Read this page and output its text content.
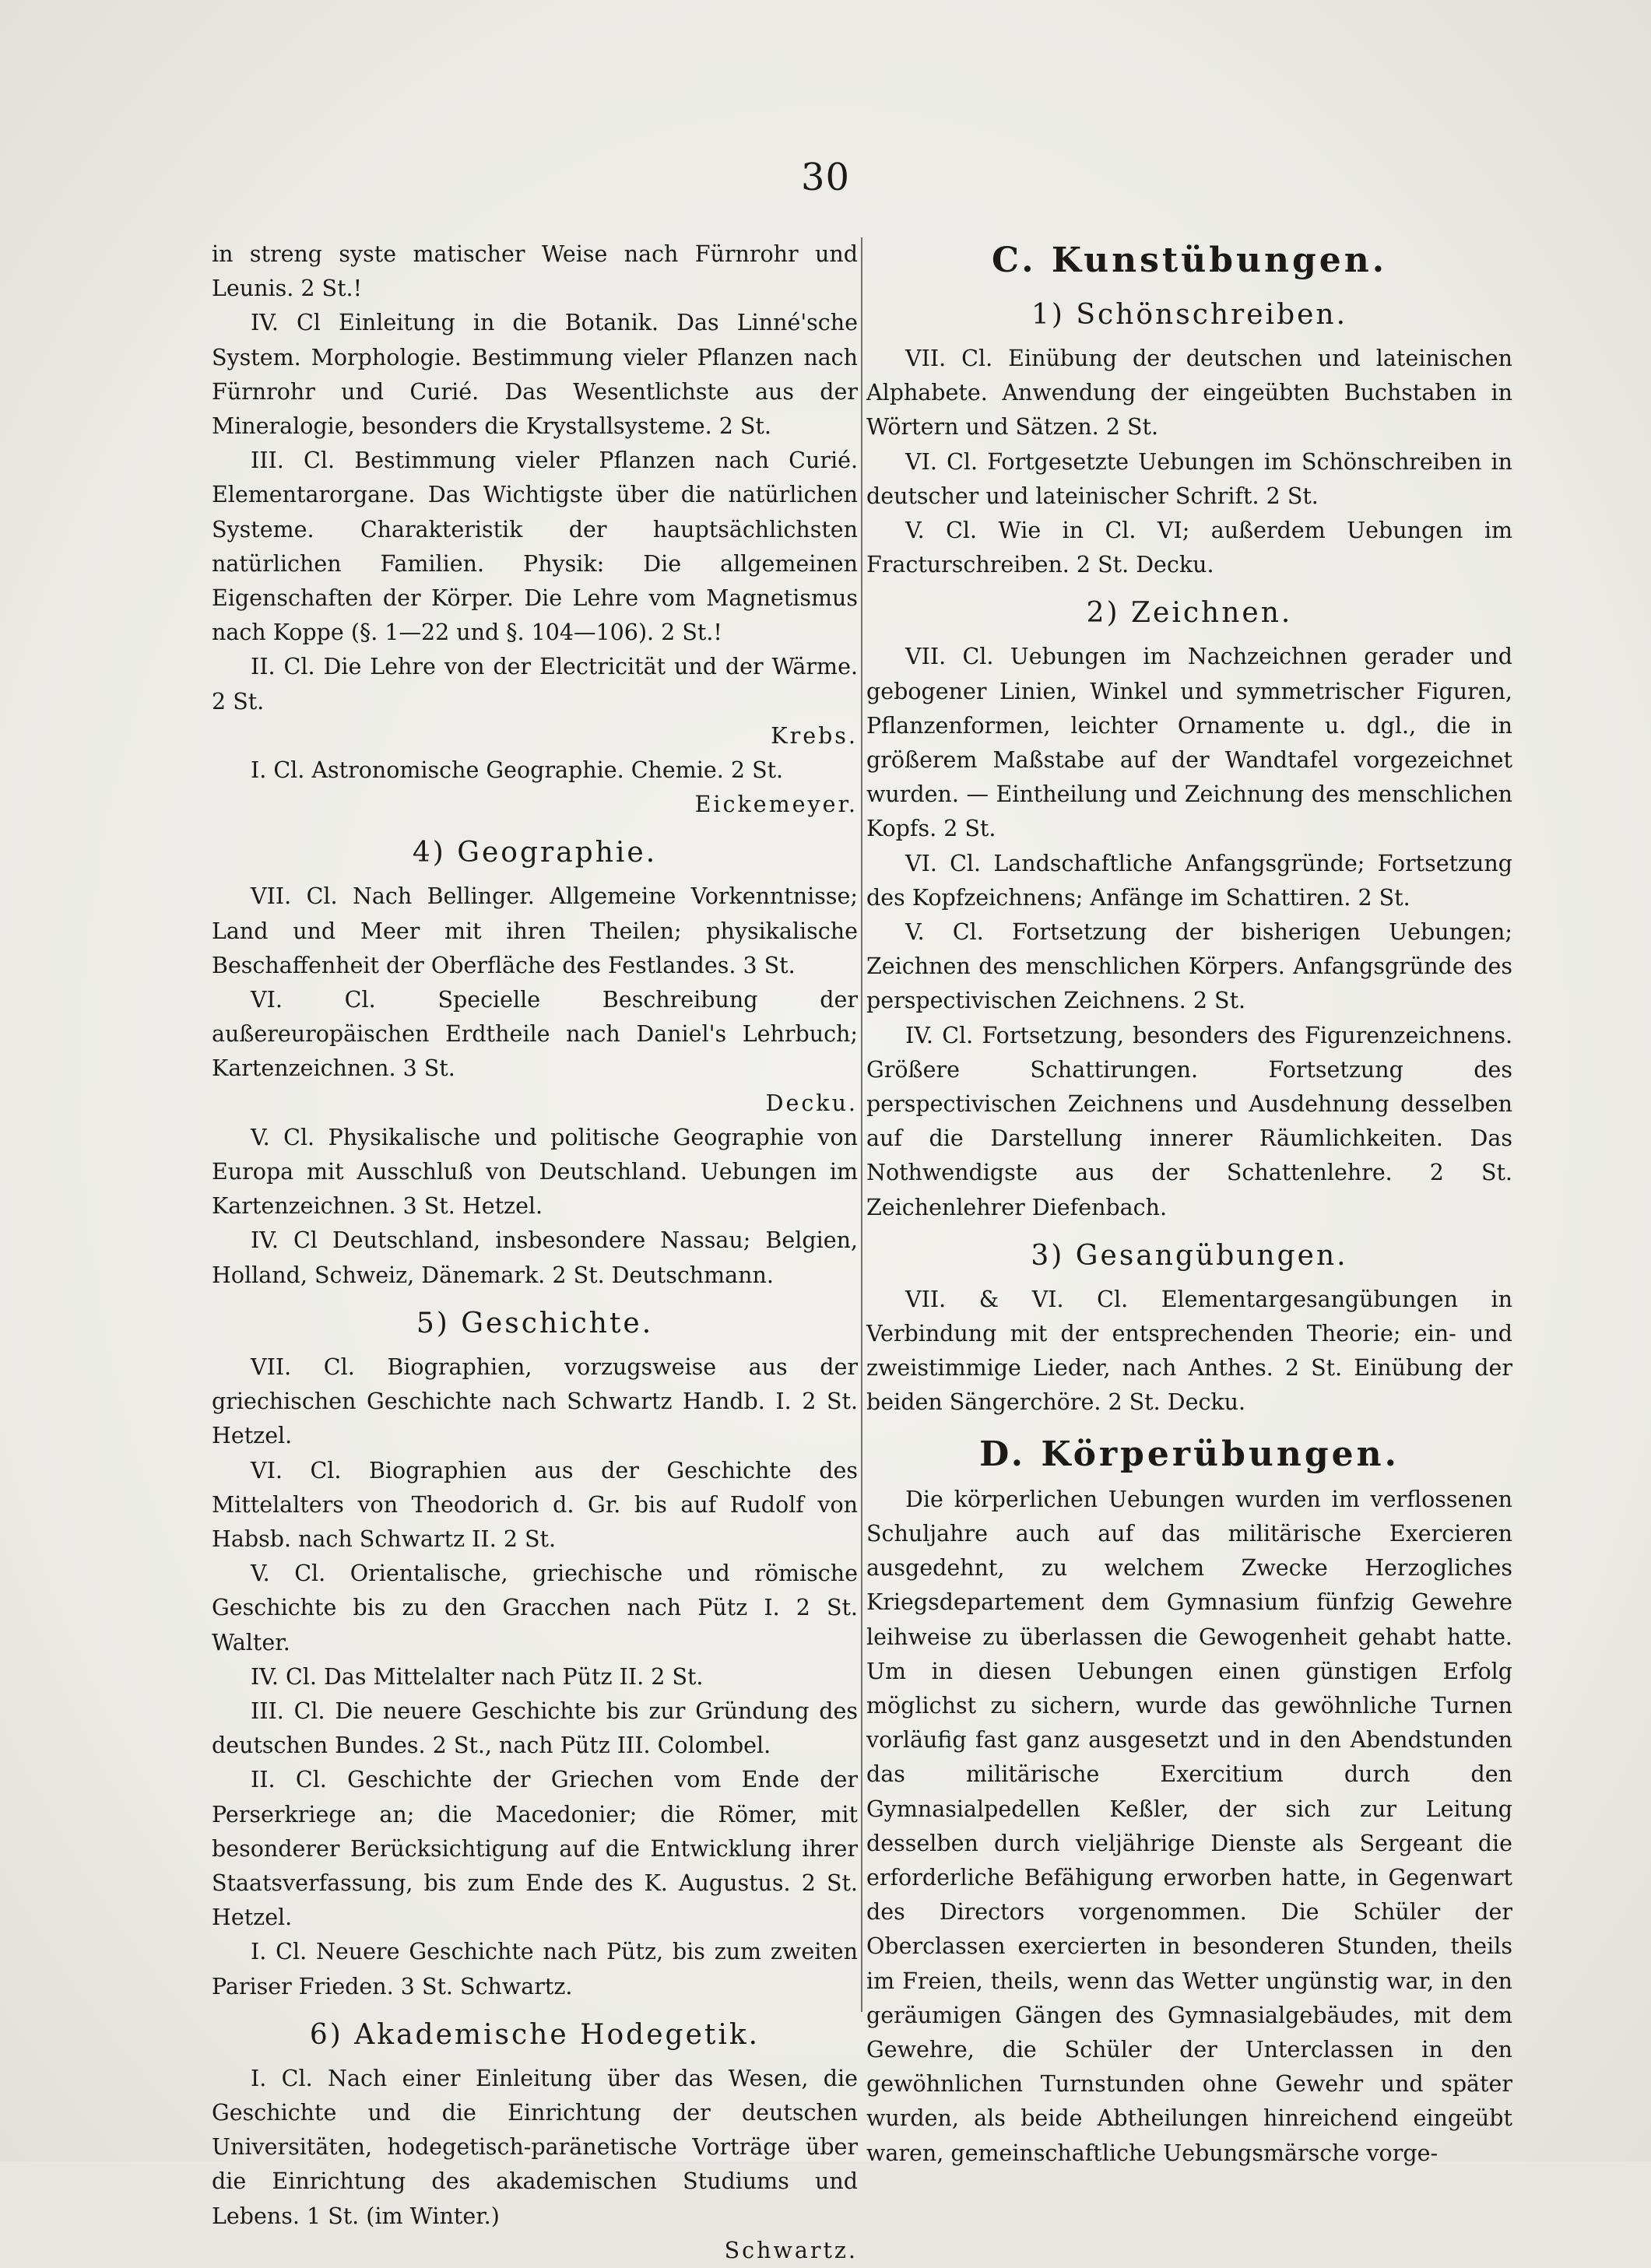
30

in streng syste matischer Weise nach Fürnrohr und Leunis. 2 St.!

IV. Cl Einleitung in die Botanik. Das Linné'sche System. Morphologie. Bestimmung vieler Pflanzen nach Fürnrohr und Curié. Das Wesentlichste aus der Mineralogie, besonders die Krystallsysteme. 2 St.

III. Cl. Bestimmung vieler Pflanzen nach Curié. Elementarorgane. Das Wichtigste über die natürlichen Systeme. Charakteristik der hauptsächlichsten natürlichen Familien. Physik: Die allgemeinen Eigenschaften der Körper. Die Lehre vom Magnetismus nach Koppe (§. 1—22 und §. 104—106). 2 St.!

II. Cl. Die Lehre von der Electricität und der Wärme. 2 St.

Krebs.

I. Cl. Astronomische Geographie. Chemie. 2 St.

Eickemeyer.

4) Geographie.

VII. Cl. Nach Bellinger. Allgemeine Vorkenntnisse; Land und Meer mit ihren Theilen; physikalische Beschaffenheit der Oberfläche des Festlandes. 3 St.

VI. Cl. Specielle Beschreibung der außereuropäischen Erdtheile nach Daniel's Lehrbuch; Kartenzeichnen. 3 St.

Decku.

V. Cl. Physikalische und politische Geographie von Europa mit Ausschluß von Deutschland. Uebungen im Kartenzeichnen. 3 St. Hetzel.

IV. Cl Deutschland, insbesondere Nassau; Belgien, Holland, Schweiz, Dänemark. 2 St. Deutschmann.

5) Geschichte.

VII. Cl. Biographien, vorzugsweise aus der griechischen Geschichte nach Schwartz Handb. I. 2 St. Hetzel.

VI. Cl. Biographien aus der Geschichte des Mittelalters von Theodorich d. Gr. bis auf Rudolf von Habsb. nach Schwartz II. 2 St.

V. Cl. Orientalische, griechische und römische Geschichte bis zu den Gracchen nach Pütz I. 2 St. Walter.

IV. Cl. Das Mittelalter nach Pütz II. 2 St.

III. Cl. Die neuere Geschichte bis zur Gründung des deutschen Bundes. 2 St., nach Pütz III. Colombel.

II. Cl. Geschichte der Griechen vom Ende der Perserkriege an; die Macedonier; die Römer, mit besonderer Berücksichtigung auf die Entwicklung ihrer Staatsverfassung, bis zum Ende des K. Augustus. 2 St. Hetzel.

I. Cl. Neuere Geschichte nach Pütz, bis zum zweiten Pariser Frieden. 3 St. Schwartz.

6) Akademische Hodegetik.

I. Cl. Nach einer Einleitung über das Wesen, die Geschichte und die Einrichtung der deutschen Universitäten, hodegetisch-paränetische Vorträge über die Einrichtung des akademischen Studiums und Lebens. 1 St. (im Winter.)

Schwartz.

C. Kunstübungen.
1) Schönschreiben.

VII. Cl. Einübung der deutschen und lateinischen Alphabete. Anwendung der eingeübten Buchstaben in Wörtern und Sätzen. 2 St.

VI. Cl. Fortgesetzte Uebungen im Schönschreiben in deutscher und lateinischer Schrift. 2 St.

V. Cl. Wie in Cl. VI; außerdem Uebungen im Fracturschreiben. 2 St. Decku.

2) Zeichnen.

VII. Cl. Uebungen im Nachzeichnen gerader und gebogener Linien, Winkel und symmetrischer Figuren, Pflanzenformen, leichter Ornamente u. dgl., die in größerem Maßstabe auf der Wandtafel vorgezeichnet wurden. — Eintheilung und Zeichnung des menschlichen Kopfs. 2 St.

VI. Cl. Landschaftliche Anfangsgründe; Fortsetzung des Kopfzeichnens; Anfänge im Schattiren. 2 St.

V. Cl. Fortsetzung der bisherigen Uebungen; Zeichnen des menschlichen Körpers. Anfangsgründe des perspectivischen Zeichnens. 2 St.

IV. Cl. Fortsetzung, besonders des Figurenzeichnens. Größere Schattirungen. Fortsetzung des perspectivischen Zeichnens und Ausdehnung desselben auf die Darstellung innerer Räumlichkeiten. Das Nothwendigste aus der Schattenlehre. 2 St. Zeichenlehrer Diefenbach.

3) Gesangübungen.

VII. & VI. Cl. Elementargesangübungen in Verbindung mit der entsprechenden Theorie; ein- und zweistimmige Lieder, nach Anthes. 2 St. Einübung der beiden Sängerchöre. 2 St. Decku.

D. Körperübungen.

Die körperlichen Uebungen wurden im verflossenen Schuljahre auch auf das militärische Exercieren ausgedehnt, zu welchem Zwecke Herzogliches Kriegsdepartement dem Gymnasium fünfzig Gewehre leihweise zu überlassen die Gewogenheit gehabt hatte. Um in diesen Uebungen einen günstigen Erfolg möglichst zu sichern, wurde das gewöhnliche Turnen vorläufig fast ganz ausgesetzt und in den Abendstunden das militärische Exercitium durch den Gymnasialpedellen Keßler, der sich zur Leitung desselben durch vieljährige Dienste als Sergeant die erforderliche Befähigung erworben hatte, in Gegenwart des Directors vorgenommen. Die Schüler der Oberclassen exercierten in besonderen Stunden, theils im Freien, theils, wenn das Wetter ungünstig war, in den geräumigen Gängen des Gymnasialgebäudes, mit dem Gewehre, die Schüler der Unterclassen in den gewöhnlichen Turnstunden ohne Gewehr und später wurden, als beide Abtheilungen hinreichend eingeübt waren, gemeinschaftliche Uebungsmärsche vorge-
